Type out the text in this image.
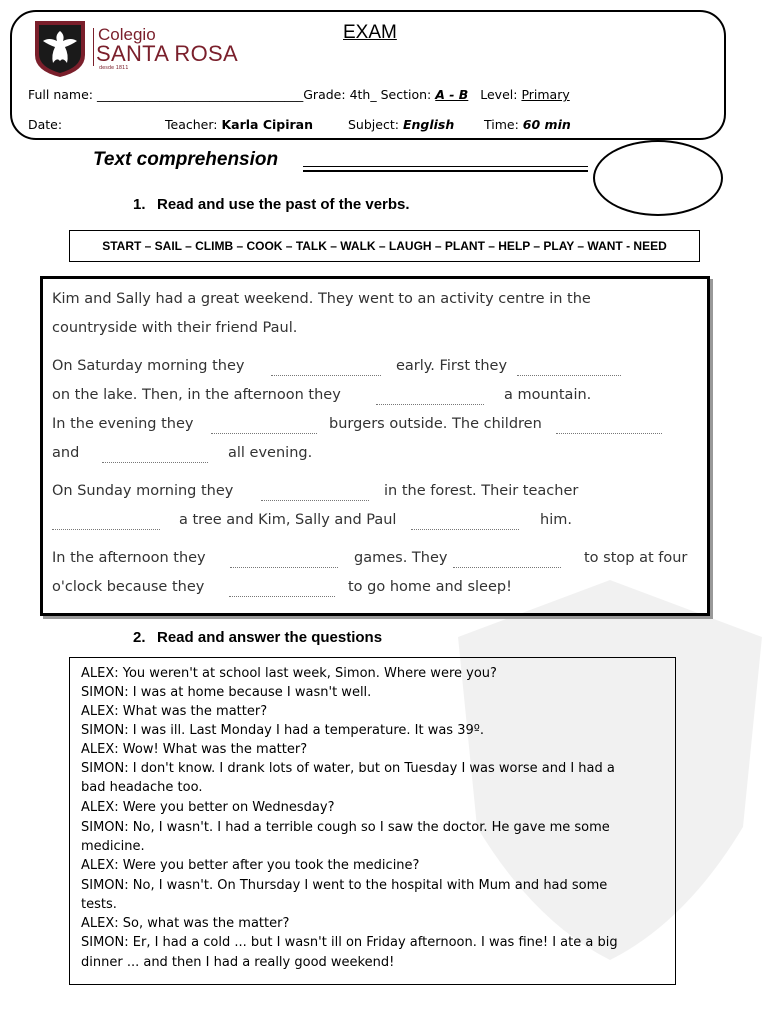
Colegio
SANTA ROSA
desde 1811
EXAM
Full name: _________________________________Grade: 4th_ Section: A - B Level: Primary
Date:	Teacher: Karla Cipiran	Subject: English Time: 60 min
Text comprehension
1. Read and use the past of the verbs.
START – SAIL – CLIMB – COOK – TALK – WALK – LAUGH – PLANT – HELP – PLAY – WANT - NEED
Kim and Sally had a great weekend. They went to an activity centre in the
countryside with their friend Paul.
On Saturday morning they	early. First they
on the lake. Then, in the afternoon they	a mountain.
In the evening they	burgers outside. The children
and	all evening.
On Sunday morning they	in the forest. Their teacher
a tree and Kim, Sally and Paul	him.
In the afternoon they	games. They	to stop at four
o'clock because they	to go home and sleep!
2. Read and answer the questions
ALEX: You weren't at school last week, Simon. Where were you?
SIMON: I was at home because I wasn't well.
ALEX: What was the matter?
SIMON: I was ill. Last Monday I had a temperature. It was 39º.
ALEX: Wow! What was the matter?
SIMON: I don't know. I drank lots of water, but on Tuesday I was worse and I had a
bad headache too.
ALEX: Were you better on Wednesday?
SIMON: No, I wasn't. I had a terrible cough so I saw the doctor. He gave me some
medicine.
ALEX: Were you better after you took the medicine?
SIMON: No, I wasn't. On Thursday I went to the hospital with Mum and had some
tests.
ALEX: So, what was the matter?
SIMON: Er, I had a cold ... but I wasn't ill on Friday afternoon. I was fine! I ate a big
dinner ... and then I had a really good weekend!
